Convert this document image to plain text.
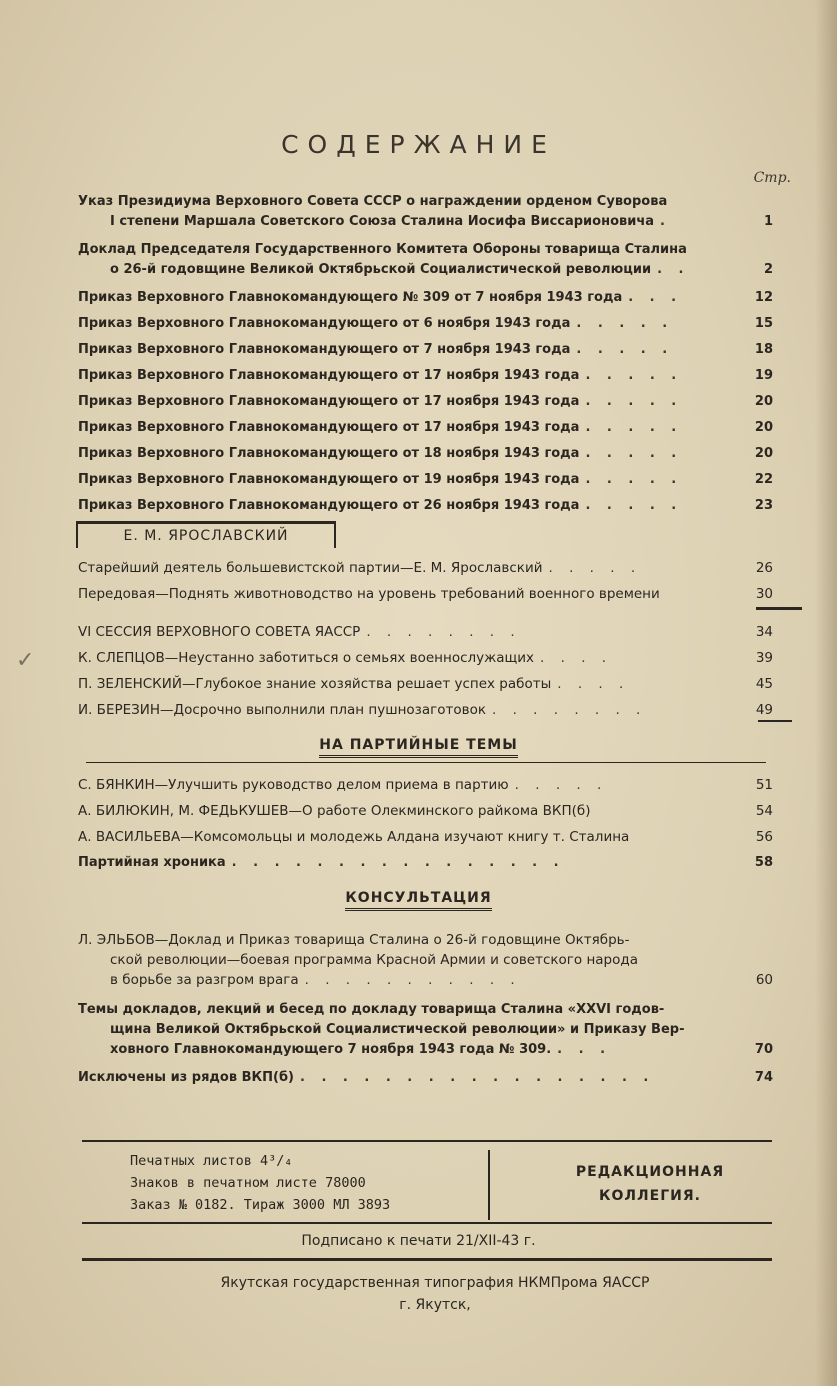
СОДЕРЖАНИЕ
Стр.
Указ Президиума Верховного Совета СССР о награждении орденом Суворова
I степени Маршала Советского Союза Сталина Иосифа Виссарионовича .	1
Доклад Председателя Государственного Комитета Обороны товарища Сталина
о 26-й годовщине Великой Октябрьской Социалистической революции . .	2
Приказ Верховного Главнокомандующего № 309 от 7 ноября 1943 года . . .	12
Приказ Верховного Главнокомандующего от 6 ноября 1943 года . . . . .	15
Приказ Верховного Главнокомандующего от 7 ноября 1943 года . . . . .	18
Приказ Верховного Главнокомандующего от 17 ноября 1943 года . . . . .	19
Приказ Верховного Главнокомандующего от 17 ноября 1943 года . . . . .	20
Приказ Верховного Главнокомандующего от 17 ноября 1943 года . . . . .	20
Приказ Верховного Главнокомандующего от 18 ноября 1943 года . . . . .	20
Приказ Верховного Главнокомандующего от 19 ноября 1943 года . . . . .	22
Приказ Верховного Главнокомандующего от 26 ноября 1943 года . . . . .	23
Е. М. ЯРОСЛАВСКИЙ
Старейший деятель большевистской партии—Е. М. Ярославский . . . . .	26
Передовая—Поднять животноводство на уровень требований военного времени	30
VI СЕССИЯ ВЕРХОВНОГО СОВЕТА ЯАССР . . . . . . . .	34
К. СЛЕПЦОВ—Неустанно заботиться о семьях военнослужащих . . . .	39
П. ЗЕЛЕНСКИЙ—Глубокое знание хозяйства решает успех работы . . . .	45
И. БЕРЕЗИН—Досрочно выполнили план пушнозаготовок . . . . . . . .	49
НА ПАРТИЙНЫЕ ТЕМЫ
С. БЯНКИН—Улучшить руководство делом приема в партию . . . . .	51
А. БИЛЮКИН, М. ФЕДЬКУШЕВ—О работе Олекминского райкома ВКП(б)	54
А. ВАСИЛЬЕВА—Комсомольцы и молодежь Алдана изучают книгу т. Сталина	56
Партийная хроника . . . . . . . . . . . . . . . .	58
КОНСУЛЬТАЦИЯ
Л. ЭЛЬБОВ—Доклад и Приказ товарища Сталина о 26-й годовщине Октябрь-
ской революции—боевая программа Красной Армии и советского народа
в борьбе за разгром врага . . . . . . . . . . .	60
Темы докладов, лекций и бесед по докладу товарища Сталина «XXVI годов-
щина Великой Октябрьской Социалистической революции» и Приказу Вер-
ховного Главнокомандующего 7 ноября 1943 года № 309. . . .	70
Исключены из рядов ВКП(б) . . . . . . . . . . . . . . . . .	74
Печатных листов 4³/₄
Знаков в печатном листе 78000
Заказ № 0182. Тираж 3000 МЛ 3893
РЕДАКЦИОННАЯ
КОЛЛЕГИЯ.
Подписано к печати 21/XII-43 г.
Якутская государственная типография НКМПрома ЯАССР
г. Якутск,
✓
